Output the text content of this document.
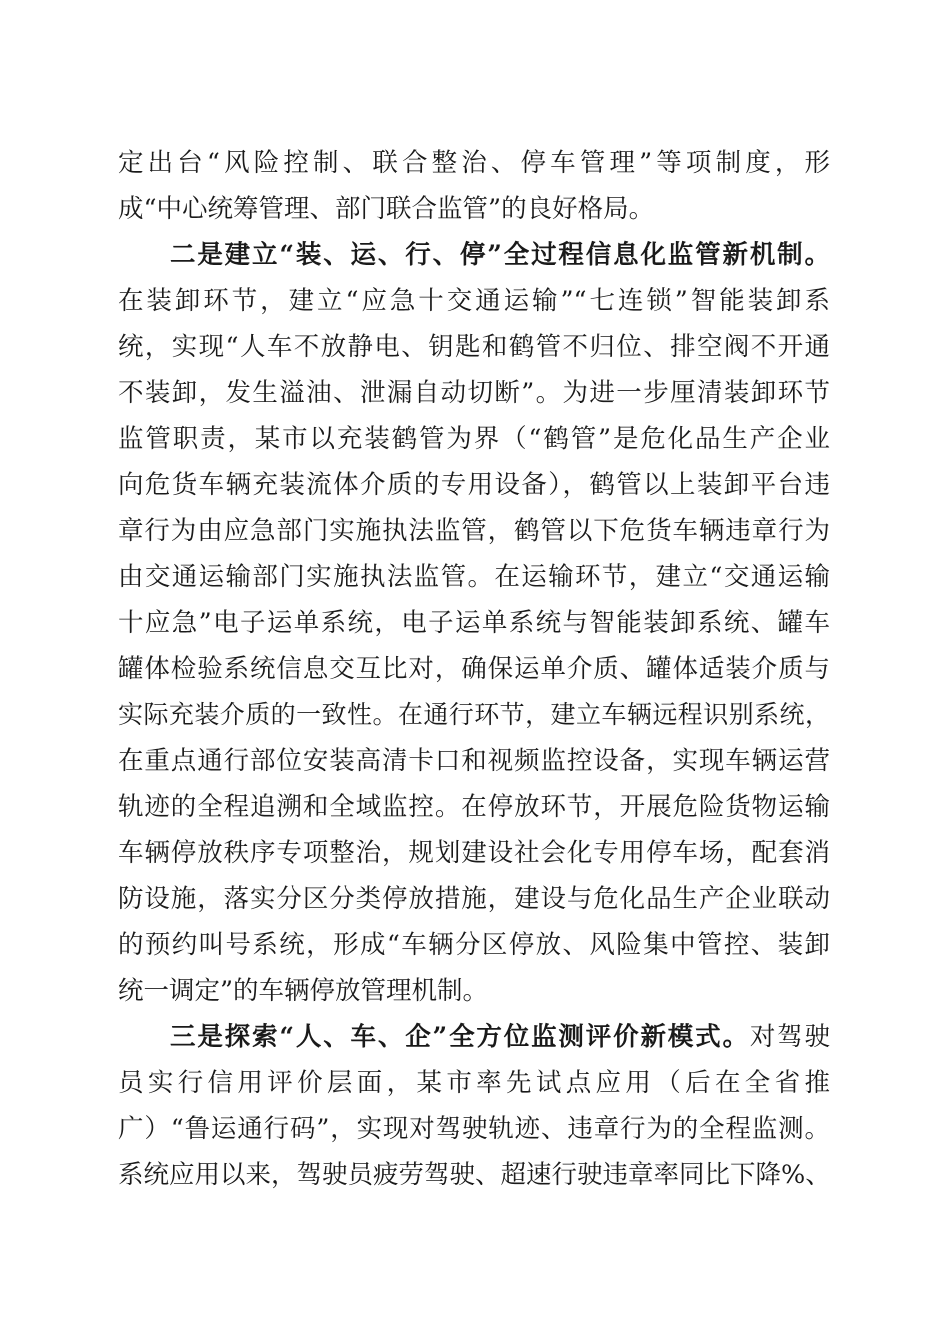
定出台“风险控制、联合整治、停车管理”等项制度，形
成“中心统筹管理、部门联合监管”的良好格局。
二是建立“装、运、行、停”全过程信息化监管新机制。
在装卸环节，建立“应急十交通运输”“七连锁”智能装卸系
统，实现“人车不放静电、钥匙和鹤管不归位、排空阀不开通
不装卸，发生溢油、泄漏自动切断”。为进一步厘清装卸环节
监管职责，某市以充装鹤管为界（“鹤管”是危化品生产企业
向危货车辆充装流体介质的专用设备），鹤管以上装卸平台违
章行为由应急部门实施执法监管，鹤管以下危货车辆违章行为
由交通运输部门实施执法监管。在运输环节，建立“交通运输
十应急”电子运单系统，电子运单系统与智能装卸系统、罐车
罐体检验系统信息交互比对，确保运单介质、罐体适装介质与
实际充装介质的一致性。在通行环节，建立车辆远程识别系统，
在重点通行部位安装高清卡口和视频监控设备，实现车辆运营
轨迹的全程追溯和全域监控。在停放环节，开展危险货物运输
车辆停放秩序专项整治，规划建设社会化专用停车场，配套消
防设施，落实分区分类停放措施，建设与危化品生产企业联动
的预约叫号系统，形成“车辆分区停放、风险集中管控、装卸
统一调定”的车辆停放管理机制。
三是探索“人、车、企”全方位监测评价新模式。对驾驶
员实行信用评价层面，某市率先试点应用（后在全省推
广）“鲁运通行码”，实现对驾驶轨迹、违章行为的全程监测。
系统应用以来，驾驶员疲劳驾驶、超速行驶违章率同比下降%、
